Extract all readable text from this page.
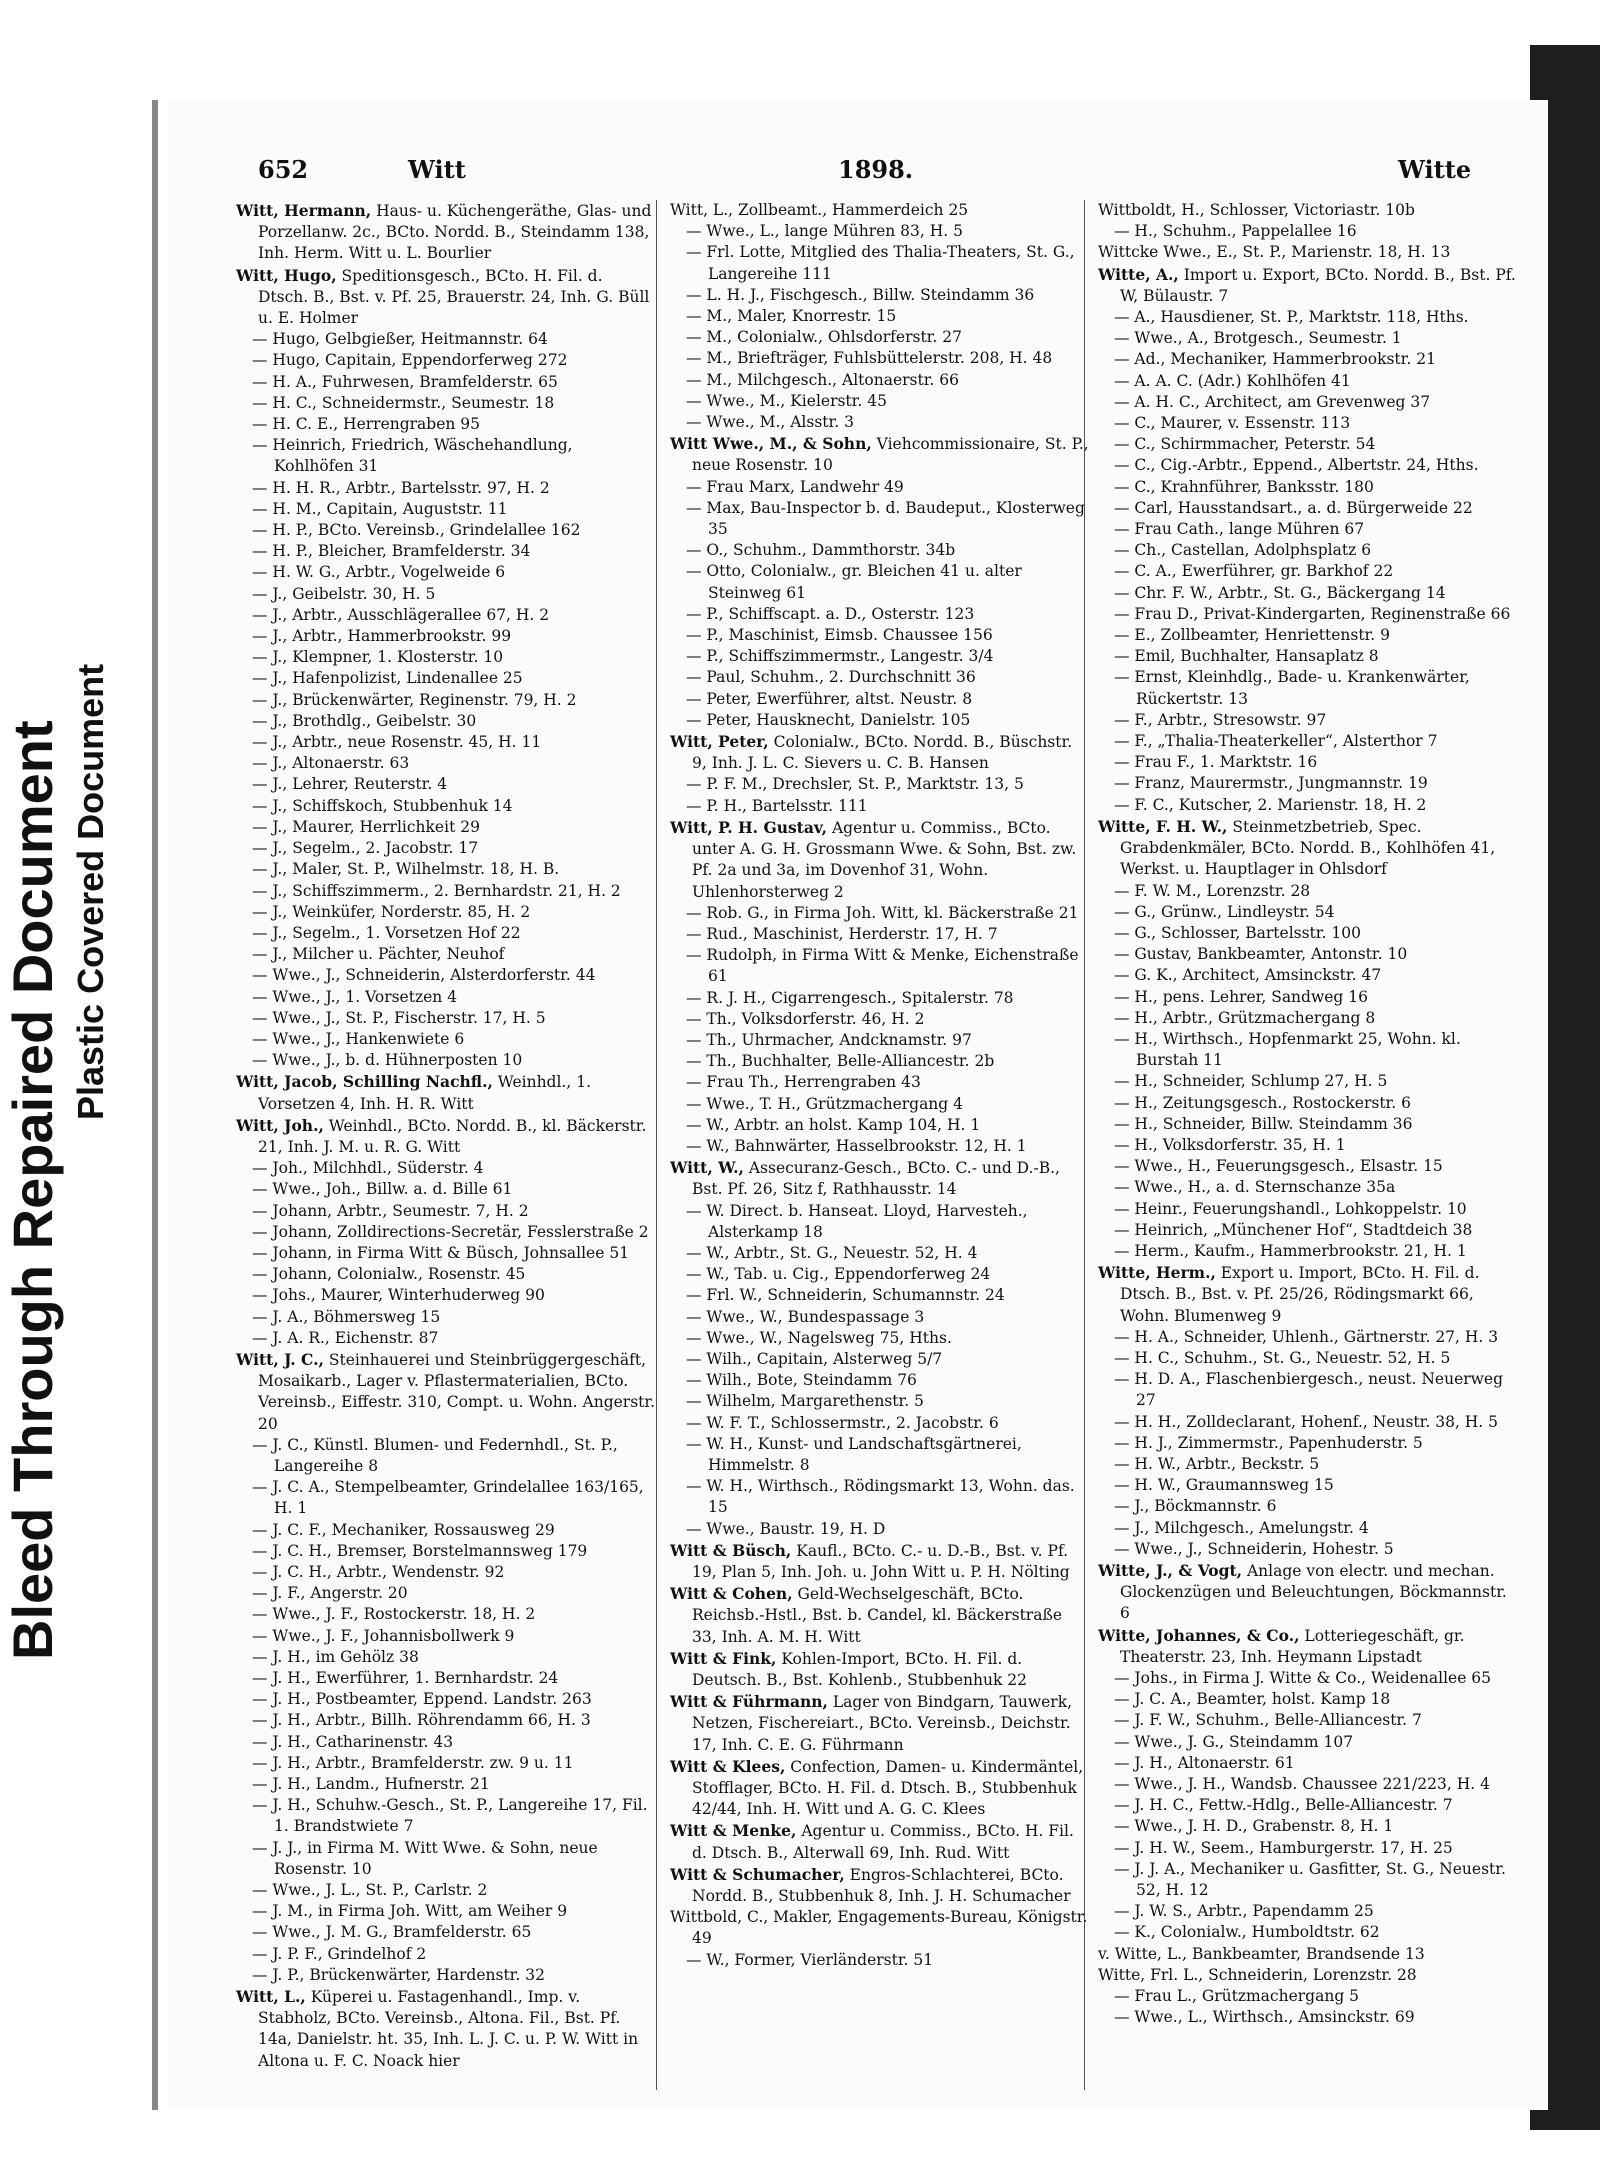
Bleed Through Repaired Document Plastic Covered Document
652	Witt	1898.	Witte

Witt, Hermann, Haus- u. Küchengeräthe, Glas- und Porzellanw. 2c., BCto. Nordd. B., Steindamm 138, Inh. Herm. Witt u. L. Bourlier

Witt, Hugo, Speditionsgesch., BCto. H. Fil. d. Dtsch. B., Bst. v. Pf. 25, Brauerstr. 24, Inh. G. Büll u. E. Holmer

— Hugo, Gelbgießer, Heitmannstr. 64

— Hugo, Capitain, Eppendorferweg 272

— H. A., Fuhrwesen, Bramfelderstr. 65

— H. C., Schneidermstr., Seumestr. 18

— H. C. E., Herrengraben 95

— Heinrich, Friedrich, Wäschehandlung, Kohlhöfen 31

— H. H. R., Arbtr., Bartelsstr. 97, H. 2

— H. M., Capitain, Auguststr. 11

— H. P., BCto. Vereinsb., Grindelallee 162

— H. P., Bleicher, Bramfelderstr. 34

— H. W. G., Arbtr., Vogelweide 6

— J., Geibelstr. 30, H. 5

— J., Arbtr., Ausschlägerallee 67, H. 2

— J., Arbtr., Hammerbrookstr. 99

— J., Klempner, 1. Klosterstr. 10

— J., Hafenpolizist, Lindenallee 25

— J., Brückenwärter, Reginenstr. 79, H. 2

— J., Brothdlg., Geibelstr. 30

— J., Arbtr., neue Rosenstr. 45, H. 11

— J., Altonaerstr. 63

— J., Lehrer, Reuterstr. 4

— J., Schiffskoch, Stubbenhuk 14

— J., Maurer, Herrlichkeit 29

— J., Segelm., 2. Jacobstr. 17

— J., Maler, St. P., Wilhelmstr. 18, H. B.

— J., Schiffszimmerm., 2. Bernhardstr. 21, H. 2

— J., Weinküfer, Norderstr. 85, H. 2

— J., Segelm., 1. Vorsetzen Hof 22

— J., Milcher u. Pächter, Neuhof

— Wwe., J., Schneiderin, Alsterdorferstr. 44

— Wwe., J., 1. Vorsetzen 4

— Wwe., J., St. P., Fischerstr. 17, H. 5

— Wwe., J., Hankenwiete 6

— Wwe., J., b. d. Hühnerposten 10

Witt, Jacob, Schilling Nachfl., Weinhdl., 1. Vorsetzen 4, Inh. H. R. Witt

Witt, Joh., Weinhdl., BCto. Nordd. B., kl. Bäckerstr. 21, Inh. J. M. u. R. G. Witt

— Joh., Milchhdl., Süderstr. 4

— Wwe., Joh., Billw. a. d. Bille 61

— Johann, Arbtr., Seumestr. 7, H. 2

— Johann, Zolldirections-Secretär, Fesslerstraße 2

— Johann, in Firma Witt & Büsch, Johnsallee 51

— Johann, Colonialw., Rosenstr. 45

— Johs., Maurer, Winterhuderweg 90

— J. A., Böhmersweg 15

— J. A. R., Eichenstr. 87

Witt, J. C., Steinhauerei und Steinbrüggergeschäft, Mosaikarb., Lager v. Pflastermaterialien, BCto. Vereinsb., Eiffestr. 310, Compt. u. Wohn. Angerstr. 20

— J. C., Künstl. Blumen- und Federnhdl., St. P., Langereihe 8

— J. C. A., Stempelbeamter, Grindelallee 163/165, H. 1

— J. C. F., Mechaniker, Rossausweg 29

— J. C. H., Bremser, Borstelmannsweg 179

— J. C. H., Arbtr., Wendenstr. 92

— J. F., Angerstr. 20

— Wwe., J. F., Rostockerstr. 18, H. 2

— Wwe., J. F., Johannisbollwerk 9

— J. H., im Gehölz 38

— J. H., Ewerführer, 1. Bernhardstr. 24

— J. H., Postbeamter, Eppend. Landstr. 263

— J. H., Arbtr., Billh. Röhrendamm 66, H. 3

— J. H., Catharinenstr. 43

— J. H., Arbtr., Bramfelderstr. zw. 9 u. 11

— J. H., Landm., Hufnerstr. 21

— J. H., Schuhw.-Gesch., St. P., Langereihe 17, Fil. 1. Brandstwiete 7

— J. J., in Firma M. Witt Wwe. & Sohn, neue Rosenstr. 10

— Wwe., J. L., St. P., Carlstr. 2

— J. M., in Firma Joh. Witt, am Weiher 9

— Wwe., J. M. G., Bramfelderstr. 65

— J. P. F., Grindelhof 2

— J. P., Brückenwärter, Hardenstr. 32

Witt, L., Küperei u. Fastagenhandl., Imp. v. Stabholz, BCto. Vereinsb., Altona. Fil., Bst. Pf. 14a, Danielstr. ht. 35, Inh. L. J. C. u. P. W. Witt in Altona u. F. C. Noack hier

Witt, L., Zollbeamt., Hammerdeich 25

— Wwe., L., lange Mühren 83, H. 5

— Frl. Lotte, Mitglied des Thalia-Theaters, St. G., Langereihe 111

— L. H. J., Fischgesch., Billw. Steindamm 36

— M., Maler, Knorrestr. 15

— M., Colonialw., Ohlsdorferstr. 27

— M., Briefträger, Fuhlsbüttelerstr. 208, H. 48

— M., Milchgesch., Altonaerstr. 66

— Wwe., M., Kielerstr. 45

— Wwe., M., Alsstr. 3

Witt Wwe., M., & Sohn, Viehcommissionaire, St. P., neue Rosenstr. 10

— Frau Marx, Landwehr 49

— Max, Bau-Inspector b. d. Baudeput., Klosterweg 35

— O., Schuhm., Dammthorstr. 34b

— Otto, Colonialw., gr. Bleichen 41 u. alter Steinweg 61

— P., Schiffscapt. a. D., Osterstr. 123

— P., Maschinist, Eimsb. Chaussee 156

— P., Schiffszimmermstr., Langestr. 3/4

— Paul, Schuhm., 2. Durchschnitt 36

— Peter, Ewerführer, altst. Neustr. 8

— Peter, Hausknecht, Danielstr. 105

Witt, Peter, Colonialw., BCto. Nordd. B., Büschstr. 9, Inh. J. L. C. Sievers u. C. B. Hansen

— P. F. M., Drechsler, St. P., Marktstr. 13, 5

— P. H., Bartelsstr. 111

Witt, P. H. Gustav, Agentur u. Commiss., BCto. unter A. G. H. Grossmann Wwe. & Sohn, Bst. zw. Pf. 2a und 3a, im Dovenhof 31, Wohn. Uhlenhorsterweg 2

— Rob. G., in Firma Joh. Witt, kl. Bäckerstraße 21

— Rud., Maschinist, Herderstr. 17, H. 7

— Rudolph, in Firma Witt & Menke, Eichenstraße 61

— R. J. H., Cigarrengesch., Spitalerstr. 78

— Th., Volksdorferstr. 46, H. 2

— Th., Uhrmacher, Andcknamstr. 97

— Th., Buchhalter, Belle-Alliancestr. 2b

— Frau Th., Herrengraben 43

— Wwe., T. H., Grützmachergang 4

— W., Arbtr. an holst. Kamp 104, H. 1

— W., Bahnwärter, Hasselbrookstr. 12, H. 1

Witt, W., Assecuranz-Gesch., BCto. C.- und D.-B., Bst. Pf. 26, Sitz f, Rathhausstr. 14

— W. Direct. b. Hanseat. Lloyd, Harvesteh., Alsterkamp 18

— W., Arbtr., St. G., Neuestr. 52, H. 4

— W., Tab. u. Cig., Eppendorferweg 24

— Frl. W., Schneiderin, Schumannstr. 24

— Wwe., W., Bundespassage 3

— Wwe., W., Nagelsweg 75, Hths.

— Wilh., Capitain, Alsterweg 5/7

— Wilh., Bote, Steindamm 76

— Wilhelm, Margarethenstr. 5

— W. F. T., Schlossermstr., 2. Jacobstr. 6

— W. H., Kunst- und Landschaftsgärtnerei, Himmelstr. 8

— W. H., Wirthsch., Rödingsmarkt 13, Wohn. das. 15

— Wwe., Baustr. 19, H. D

Witt & Büsch, Kaufl., BCto. C.- u. D.-B., Bst. v. Pf. 19, Plan 5, Inh. Joh. u. John Witt u. P. H. Nölting

Witt & Cohen, Geld-Wechselgeschäft, BCto. Reichsb.-Hstl., Bst. b. Candel, kl. Bäckerstraße 33, Inh. A. M. H. Witt

Witt & Fink, Kohlen-Import, BCto. H. Fil. d. Deutsch. B., Bst. Kohlenb., Stubbenhuk 22

Witt & Führmann, Lager von Bindgarn, Tauwerk, Netzen, Fischereiart., BCto. Vereinsb., Deichstr. 17, Inh. C. E. G. Führmann

Witt & Klees, Confection, Damen- u. Kindermäntel, Stofflager, BCto. H. Fil. d. Dtsch. B., Stubbenhuk 42/44, Inh. H. Witt und A. G. C. Klees

Witt & Menke, Agentur u. Commiss., BCto. H. Fil. d. Dtsch. B., Alterwall 69, Inh. Rud. Witt

Witt & Schumacher, Engros-Schlachterei, BCto. Nordd. B., Stubbenhuk 8, Inh. J. H. Schumacher

Wittbold, C., Makler, Engagements-Bureau, Königstr. 49

— W., Former, Vierländerstr. 51

Wittboldt, H., Schlosser, Victoriastr. 10b

— H., Schuhm., Pappelallee 16

Wittcke Wwe., E., St. P., Marienstr. 18, H. 13

Witte, A., Import u. Export, BCto. Nordd. B., Bst. Pf. W, Bülaustr. 7

— A., Hausdiener, St. P., Marktstr. 118, Hths.

— Wwe., A., Brotgesch., Seumestr. 1

— Ad., Mechaniker, Hammerbrookstr. 21

— A. A. C. (Adr.) Kohlhöfen 41

— A. H. C., Architect, am Grevenweg 37

— C., Maurer, v. Essenstr. 113

— C., Schirmmacher, Peterstr. 54

— C., Cig.-Arbtr., Eppend., Albertstr. 24, Hths.

— C., Krahnführer, Banksstr. 180

— Carl, Hausstandsart., a. d. Bürgerweide 22

— Frau Cath., lange Mühren 67

— Ch., Castellan, Adolphsplatz 6

— C. A., Ewerführer, gr. Barkhof 22

— Chr. F. W., Arbtr., St. G., Bäckergang 14

— Frau D., Privat-Kindergarten, Reginenstraße 66

— E., Zollbeamter, Henriettenstr. 9

— Emil, Buchhalter, Hansaplatz 8

— Ernst, Kleinhdlg., Bade- u. Krankenwärter, Rückertstr. 13

— F., Arbtr., Stresowstr. 97

— F., „Thalia-Theaterkeller“, Alsterthor 7

— Frau F., 1. Marktstr. 16

— Franz, Maurermstr., Jungmannstr. 19

— F. C., Kutscher, 2. Marienstr. 18, H. 2

Witte, F. H. W., Steinmetzbetrieb, Spec. Grabdenkmäler, BCto. Nordd. B., Kohlhöfen 41, Werkst. u. Hauptlager in Ohlsdorf

— F. W. M., Lorenzstr. 28

— G., Grünw., Lindleystr. 54

— G., Schlosser, Bartelsstr. 100

— Gustav, Bankbeamter, Antonstr. 10

— G. K., Architect, Amsinckstr. 47

— H., pens. Lehrer, Sandweg 16

— H., Arbtr., Grützmachergang 8

— H., Wirthsch., Hopfenmarkt 25, Wohn. kl. Burstah 11

— H., Schneider, Schlump 27, H. 5

— H., Zeitungsgesch., Rostockerstr. 6

— H., Schneider, Billw. Steindamm 36

— H., Volksdorferstr. 35, H. 1

— Wwe., H., Feuerungsgesch., Elsastr. 15

— Wwe., H., a. d. Sternschanze 35a

— Heinr., Feuerungshandl., Lohkoppelstr. 10

— Heinrich, „Münchener Hof“, Stadtdeich 38

— Herm., Kaufm., Hammerbrookstr. 21, H. 1

Witte, Herm., Export u. Import, BCto. H. Fil. d. Dtsch. B., Bst. v. Pf. 25/26, Rödingsmarkt 66, Wohn. Blumenweg 9

— H. A., Schneider, Uhlenh., Gärtnerstr. 27, H. 3

— H. C., Schuhm., St. G., Neuestr. 52, H. 5

— H. D. A., Flaschenbiergesch., neust. Neuerweg 27

— H. H., Zolldeclarant, Hohenf., Neustr. 38, H. 5

— H. J., Zimmermstr., Papenhuderstr. 5

— H. W., Arbtr., Beckstr. 5

— H. W., Graumannsweg 15

— J., Böckmannstr. 6

— J., Milchgesch., Amelungstr. 4

— Wwe., J., Schneiderin, Hohestr. 5

Witte, J., & Vogt, Anlage von electr. und mechan. Glockenzügen und Beleuchtungen, Böckmannstr. 6

Witte, Johannes, & Co., Lotteriegeschäft, gr. Theaterstr. 23, Inh. Heymann Lipstadt

— Johs., in Firma J. Witte & Co., Weidenallee 65

— J. C. A., Beamter, holst. Kamp 18

— J. F. W., Schuhm., Belle-Alliancestr. 7

— Wwe., J. G., Steindamm 107

— J. H., Altonaerstr. 61

— Wwe., J. H., Wandsb. Chaussee 221/223, H. 4

— J. H. C., Fettw.-Hdlg., Belle-Alliancestr. 7

— Wwe., J. H. D., Grabenstr. 8, H. 1

— J. H. W., Seem., Hamburgerstr. 17, H. 25

— J. J. A., Mechaniker u. Gasfitter, St. G., Neuestr. 52, H. 12

— J. W. S., Arbtr., Papendamm 25

— K., Colonialw., Humboldtstr. 62

v. Witte, L., Bankbeamter, Brandsende 13

Witte, Frl. L., Schneiderin, Lorenzstr. 28

— Frau L., Grützmachergang 5

— Wwe., L., Wirthsch., Amsinckstr. 69
